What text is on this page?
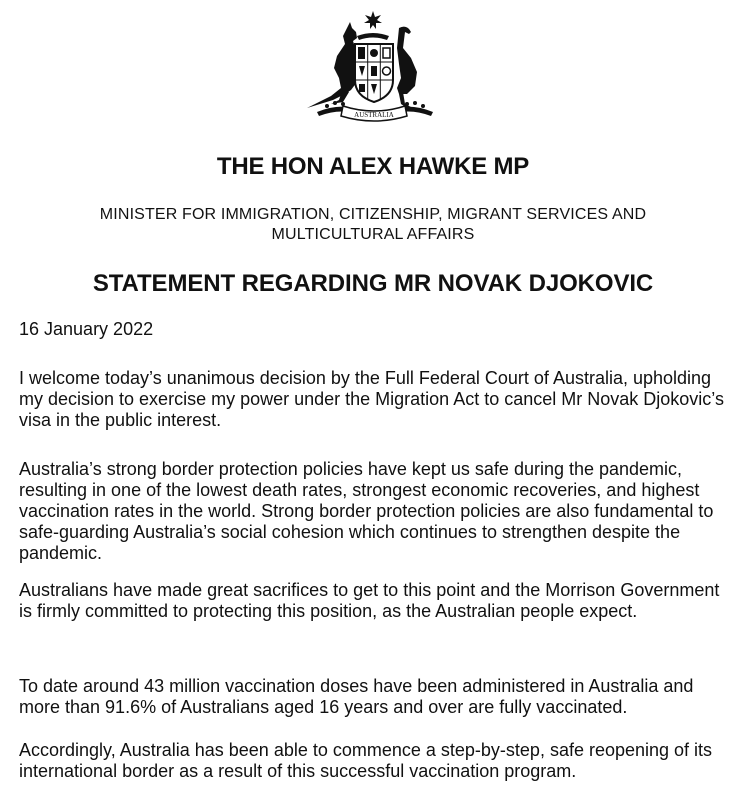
AUSTRALIA
THE HON ALEX HAWKE MP
MINISTER FOR IMMIGRATION, CITIZENSHIP, MIGRANT SERVICES AND
MULTICULTURAL AFFAIRS
STATEMENT REGARDING MR NOVAK DJOKOVIC
16 January 2022

I welcome today’s unanimous decision by the Full Federal Court of Australia, upholding my decision to exercise my power under the Migration Act to cancel Mr Novak Djokovic’s visa in the public interest.

Australia’s strong border protection policies have kept us safe during the pandemic, resulting in one of the lowest death rates, strongest economic recoveries, and highest vaccination rates in the world. Strong border protection policies are also fundamental to safe-guarding Australia’s social cohesion which continues to strengthen despite the pandemic.

Australians have made great sacrifices to get to this point and the Morrison Government is firmly committed to protecting this position, as the Australian people expect.

To date around 43 million vaccination doses have been administered in Australia and more than 91.6% of Australians aged 16 years and over are fully vaccinated.

Accordingly, Australia has been able to commence a step-by-step, safe reopening of its international border as a result of this successful vaccination program.
